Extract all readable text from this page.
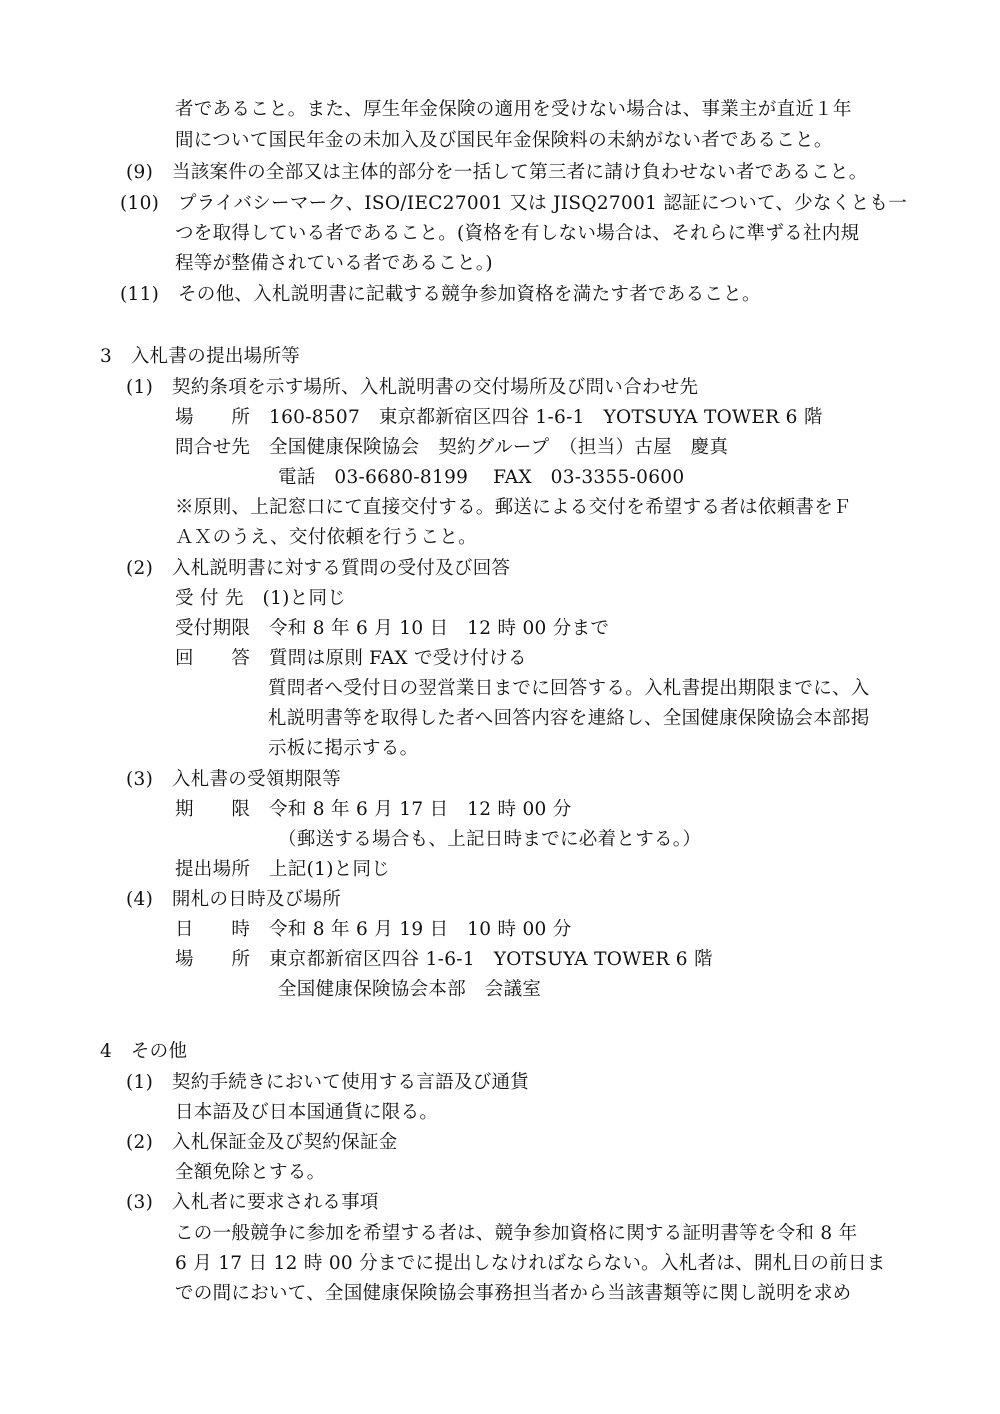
者であること。また、厚生年金保険の適用を受けない場合は、事業主が直近１年
間について国民年金の未加入及び国民年金保険料の未納がない者であること。
(9)　当該案件の全部又は主体的部分を一括して第三者に請け負わせない者であること。
(10)　プライバシーマーク、ISO/IEC27001 又は JISQ27001 認証について、少なくとも一
つを取得している者であること。(資格を有しない場合は、それらに準ずる社内規
程等が整備されている者であること。)
(11)　その他、入札説明書に記載する競争参加資格を満たす者であること。
3　入札書の提出場所等
(1)　契約条項を示す場所、入札説明書の交付場所及び問い合わせ先
場　　所　160-8507　東京都新宿区四谷 1-6-1　YOTSUYA TOWER 6 階
問合せ先　全国健康保険協会　契約グループ　（担当）古屋　慶真
電話　03-6680-8199　 FAX　03-3355-0600
※原則、上記窓口にて直接交付する。郵送による交付を希望する者は依頼書をＦ
ＡＸのうえ、交付依頼を行うこと。
(2)　入札説明書に対する質問の受付及び回答
受 付 先　(1)と同じ
受付期限　令和 8 年 6 月 10 日　12 時 00 分まで
回　　答　質問は原則 FAX で受け付ける
質問者へ受付日の翌営業日までに回答する。入札書提出期限までに、入
札説明書等を取得した者へ回答内容を連絡し、全国健康保険協会本部掲
示板に掲示する。
(3)　入札書の受領期限等
期　　限　令和 8 年 6 月 17 日　12 時 00 分
（郵送する場合も、上記日時までに必着とする。）
提出場所　上記(1)と同じ
(4)　開札の日時及び場所
日　　時　令和 8 年 6 月 19 日　10 時 00 分
場　　所　東京都新宿区四谷 1-6-1　YOTSUYA TOWER 6 階
全国健康保険協会本部　会議室
4　その他
(1)　契約手続きにおいて使用する言語及び通貨
日本語及び日本国通貨に限る。
(2)　入札保証金及び契約保証金
全額免除とする。
(3)　入札者に要求される事項
この一般競争に参加を希望する者は、競争参加資格に関する証明書等を令和 8 年
6 月 17 日 12 時 00 分までに提出しなければならない。入札者は、開札日の前日ま
での間において、全国健康保険協会事務担当者から当該書類等に関し説明を求め
